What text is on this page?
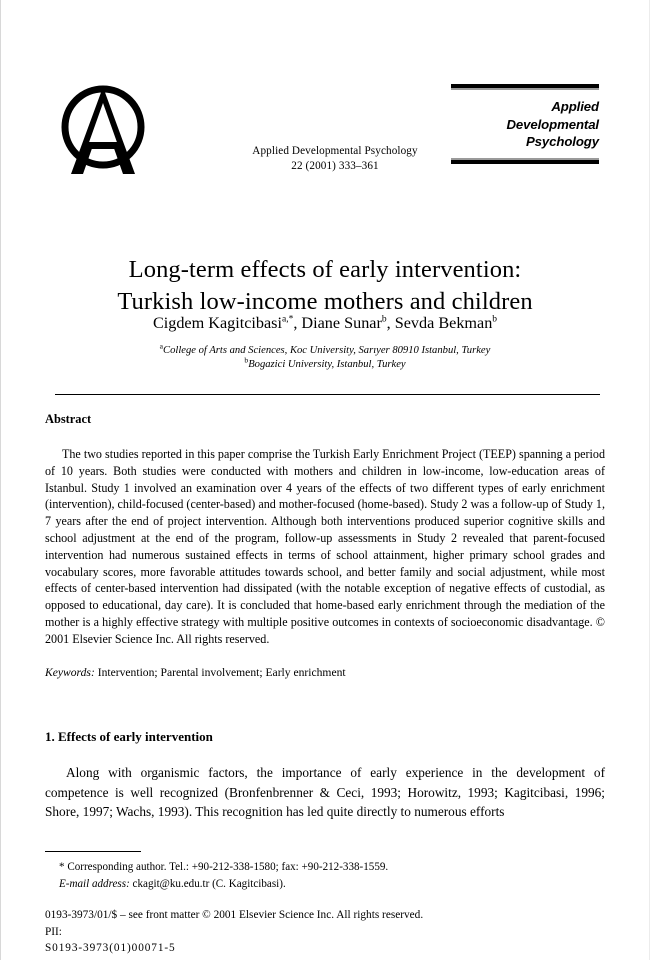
Applied Developmental Psychology
22 (2001) 333–361
Applied
Developmental
Psychology
Long-term effects of early intervention:
Turkish low-income mothers and children
Cigdem Kagitcibasi$^{a,*}$, Diane Sunar$^b$, Sevda Bekman$^b$
$^a$College of Arts and Sciences, Koc University, Sarıyer 80910 Istanbul, Turkey
$^b$Bogazici University, Istanbul, Turkey
Abstract
The two studies reported in this paper comprise the Turkish Early Enrichment Project (TEEP) spanning a period of 10 years. Both studies were conducted with mothers and children in low-income, low-education areas of Istanbul. Study 1 involved an examination over 4 years of the effects of two different types of early enrichment (intervention), child-focused (center-based) and mother-focused (home-based). Study 2 was a follow-up of Study 1, 7 years after the end of project intervention. Although both interventions produced superior cognitive skills and school adjustment at the end of the program, follow-up assessments in Study 2 revealed that parent-focused intervention had numerous sustained effects in terms of school attainment, higher primary school grades and vocabulary scores, more favorable attitudes towards school, and better family and social adjustment, while most effects of center-based intervention had dissipated (with the notable exception of negative effects of custodial, as opposed to educational, day care). It is concluded that home-based early enrichment through the mediation of the mother is a highly effective strategy with multiple positive outcomes in contexts of socioeconomic disadvantage. © 2001 Elsevier Science Inc. All rights reserved.
Keywords: Intervention; Parental involvement; Early enrichment
1. Effects of early intervention
Along with organismic factors, the importance of early experience in the development of competence is well recognized (Bronfenbrenner & Ceci, 1993; Horowitz, 1993; Kagitcibasi, 1996; Shore, 1997; Wachs, 1993). This recognition has led quite directly to numerous efforts
* Corresponding author. Tel.: +90-212-338-1580; fax: +90-212-338-1559.
E-mail address: ckagit@ku.edu.tr (C. Kagitcibasi).
0193-3973/01/$ – see front matter © 2001 Elsevier Science Inc. All rights reserved.
PII:
S0193-3973(01)00071-5
